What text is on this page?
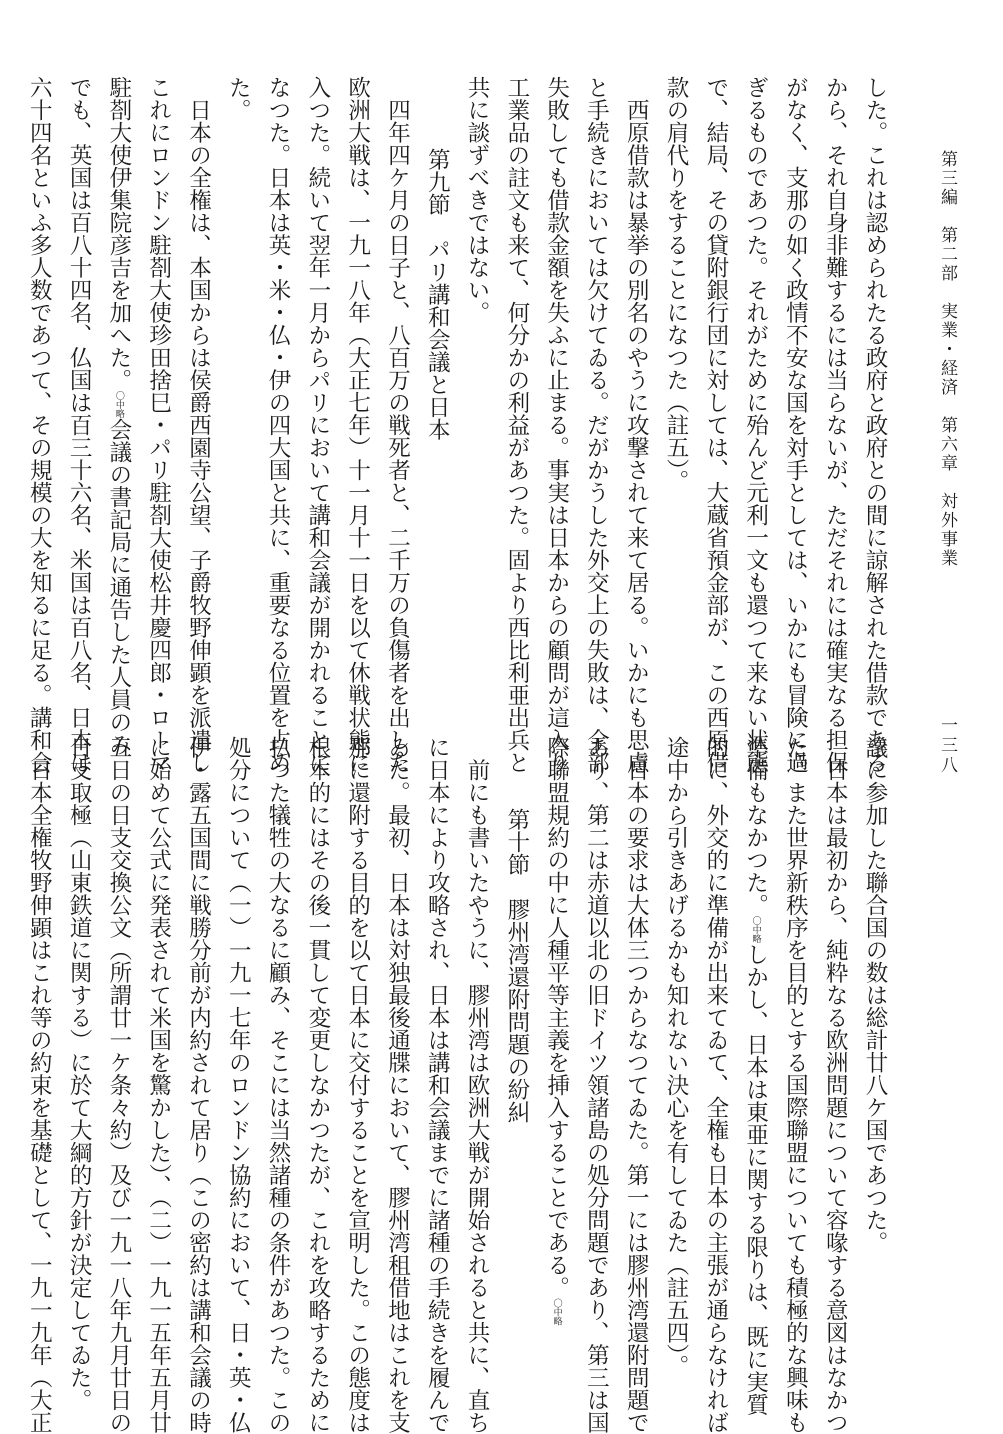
第三編　第二部　実業・経済　第六章　対外事業
一三八
した。これは認められたる政府と政府との間に諒解された借款である
から、それ自身非難するには当らないが、ただそれには確実なる担保
がなく、支那の如く政情不安な国を対手としては、いかにも冒険に過
ぎるものであつた。それがために殆んど元利一文も還つて来ない状態
で、結局、その貸附銀行団に対しては、大蔵省預金部が、この西原借
款の肩代りをすることになつた（註五）。
　西原借款は暴挙の別名のやうに攻撃されて来て居る。いかにも思慮
と手続きにおいては欠けてゐる。だがかうした外交上の失敗は、全部
失敗しても借款金額を失ふに止まる。事実は日本からの顧問が這入り
工業品の註文も来て、何分かの利益があつた。固より西比利亜出兵と
共に談ずべきではない。
第九節　パリ講和会議と日本
　四年四ケ月の日子と、八百万の戦死者と、二千万の負傷者を出した
欧洲大戦は、一九一八年（大正七年）十一月十一日を以て休戦状態に
入つた。続いて翌年一月からパリにおいて講和会議が開かれることに
なつた。日本は英・米・仏・伊の四大国と共に、重要なる位置を占め
た。
　日本の全権は、本国からは侯爵西園寺公望、子爵牧野伸顕を派遣し
これにロンドン駐剳大使珍田捨巳・パリ駐剳大使松井慶四郎・ローマ
駐剳大使伊集院彦吉を加へた。〇中略会議の書記局に通告した人員のみ
でも、英国は百八十四名、仏国は百三十六名、米国は百八名、日本は
六十四名といふ多人数であつて、その規模の大を知るに足る。講和会
議に参加した聯合国の数は総計廿八ケ国であつた。
　日本は最初から、純粋なる欧洲問題について容喙する意図はなかつ
た。また世界新秩序を目的とする国際聯盟についても積極的な興味も
準備もなかつた。〇中略しかし、日本は東亜に関する限りは、既に実質
的に、外交的に準備が出来てゐて、全権も日本の主張が通らなければ
途中から引きあげるかも知れない決心を有してゐた（註五四）。
　日本の要求は大体三つからなつてゐた。第一には膠州湾還附問題で
あり、第二は赤道以北の旧ドイツ領諸島の処分問題であり、第三は国
際聯盟規約の中に人種平等主義を挿入することである。〇中略
第十節　膠州湾還附問題の紛糾
　前にも書いたやうに、膠州湾は欧洲大戦が開始されると共に、直ち
に日本により攻略され、日本は講和会議までに諸種の手続きを履んで
ゐた。最初、日本は対独最後通牒において、膠州湾租借地はこれを支
那に還附する目的を以て日本に交付することを宣明した。この態度は
根本的にはその後一貫して変更しなかつたが、これを攻略するために
払つた犠牲の大なるに顧み、そこには当然諸種の条件があつた。この
処分について（一）一九一七年のロンドン協約において、日・英・仏
伊・露五国間に戦勝分前が内約されて居り（この密約は講和会議の時
に始めて公式に発表されて米国を驚かした）、（二）一九一五年五月廿
五日の日支交換公文（所謂廿一ケ条々約）及び一九一八年九月廿日の
日支取極（山東鉄道に関する）に於て大綱的方針が決定してゐた。
　日本全権牧野伸顕はこれ等の約束を基礎として、一九一九年（大正
